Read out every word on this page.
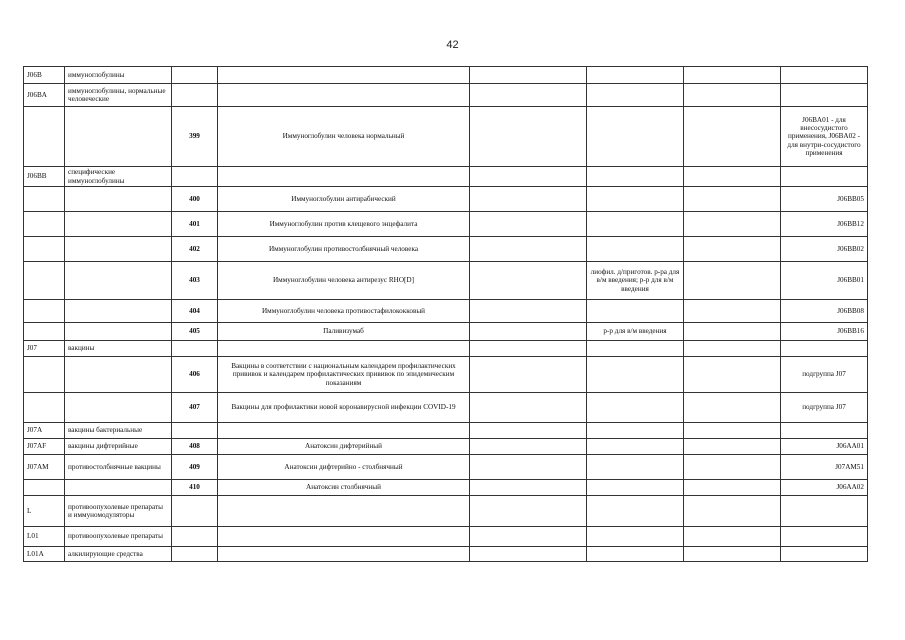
42
J06B	иммуноглобулины						
J06BA	иммуноглобулины, нормальные человеческие						
		399	Иммуноглобулин человека нормальный				J06BA01 - для внесосудистого применения, J06BA02 - для внутри-сосудистого применения
J06BB	специфические иммуноглобулины						
		400	Иммуноглобулин антирабический				J06BB05
		401	Иммуноглобулин против клещевого энцефалита				J06BB12
		402	Иммуноглобулин противостолбнячный человека				J06BB02
		403	Иммуноглобулин человека антирезус RHO[D]		лиофил. д/приготов. р-ра для в/м введения; р-р для в/м введения		J06BB01
		404	Иммуноглобулин человека противостафилококковый				J06BB08
		405	Паливизумаб		р-р для в/м введения		J06BB16
J07	вакцины						
		406	Вакцины в соответствии с национальным календарем профилактических прививок и календарем профилактических прививок по эпидемическим показаниям				подгруппа J07
		407	Вакцины для профилактики новой коронавирусной инфекции COVID-19				подгруппа J07
J07A	вакцины бактериальные						
J07AF	вакцины дифтерийные	408	Анатоксин дифтерийный				J06AA01
J07AM	противостолбнячные вакцины	409	Анатоксин дифтерийно - столбнячный				J07AM51
		410	Анатоксин столбнячный				J06AA02
L	противоопухолевые препараты и иммуномодуляторы						
L01	противоопухолевые препараты						
L01A	алкилирующие средства						
